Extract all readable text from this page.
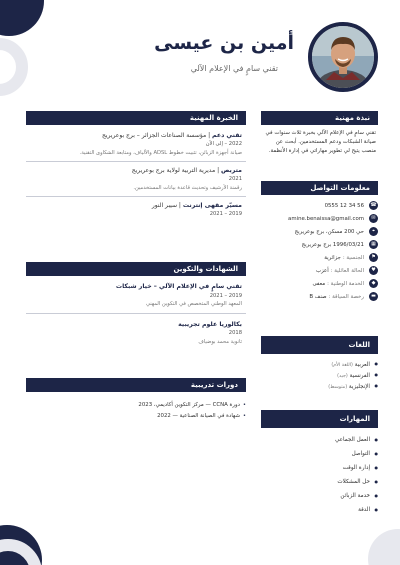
أمين بن عيسى
تقني سامٍ في الإعلام الآلي
الخبرة المهنية
تقني دعم | مؤسسة الصناعات الجزائر – برج بوعريريج
2022 – إلى الآن
صيانة أجهزة الزبائن، تثبيت خطوط ADSL والألياف، ومتابعة الشكاوى التقنية.
متربص | مديرية التربية لولاية برج بوعريريج
2021
رقمنة الأرشيف وتحديث قاعدة بيانات المستخدمين.
مسيّر مقهى إنترنت | سيبر النور
2019 – 2021
الشهادات والتكوين
تقني سامٍ في الإعلام الآلي – خيار شبكات
2019 – 2021
المعهد الوطني المتخصص في التكوين المهني
بكالوريا علوم تجريبية
2018
ثانوية محمد بوضياف
دورات تدريبية
• دورة CCNA — مركز التكوين أكاديمي، 2023
• شهادة في الصيانة الصناعية — 2022
نبذة مهنية
تقني سامٍ في الإعلام الآلي بخبرة ثلاث سنوات في صيانة الشبكات ودعم المستخدمين. أبحث عن منصب يتيح لي تطوير مهاراتي في إدارة الأنظمة.
معلومات التواصل
☎
0555 12 34 56
✉
amine.benaissa@gmail.com
⌖
حي 200 مسكن، برج بوعريريج
▦
1996/03/21 برج بوعريريج
⚑
الجنسية :
جزائرية
♥
الحالة العائلية :
أعزب
◆
الخدمة الوطنية :
معفى
▬
رخصة السياقة :
صنف B
اللغات
● العربية (اللغة الأم)
● الفرنسية (جيد)
● الإنجليزية (متوسط)
المهارات
● العمل الجماعي
● التواصل
● إدارة الوقت
● حل المشكلات
● خدمة الزبائن
● الدقة
